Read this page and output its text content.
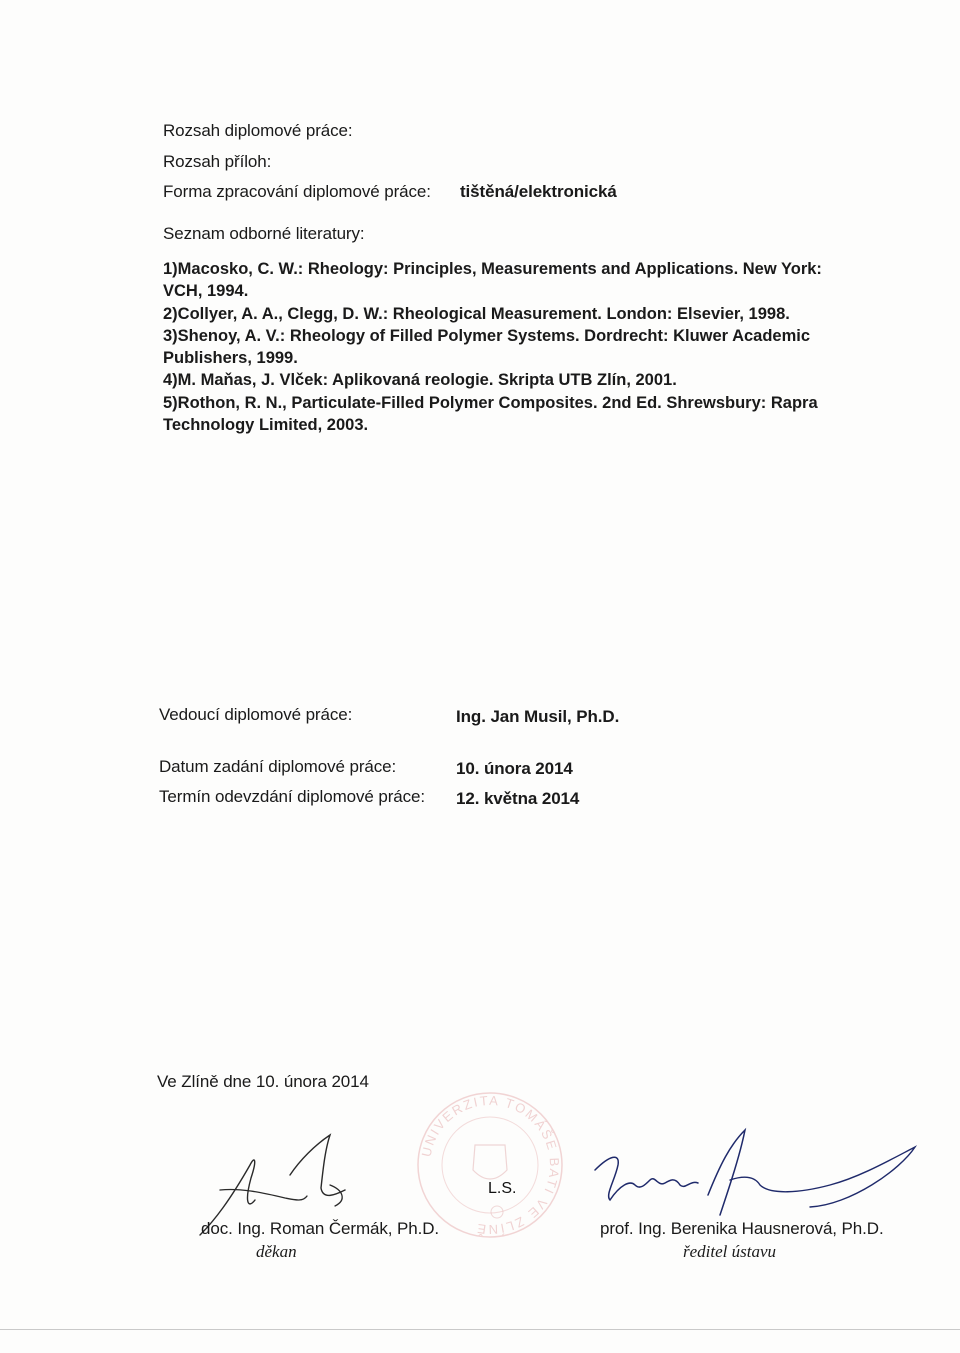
Rozsah diplomové práce:
Rozsah příloh:
Forma zpracování diplomové práce: tištěná/elektronická
Seznam odborné literatury:
1)Macosko, C. W.: Rheology: Principles, Measurements and Applications. New York:
VCH, 1994.
2)Collyer, A. A., Clegg, D. W.: Rheological Measurement. London: Elsevier, 1998.
3)Shenoy, A. V.: Rheology of Filled Polymer Systems. Dordrecht: Kluwer Academic
Publishers, 1999.
4)M. Maňas, J. Vlček: Aplikovaná reologie. Skripta UTB Zlín, 2001.
5)Rothon, R. N., Particulate-Filled Polymer Composites. 2nd Ed. Shrewsbury: Rapra
Technology Limited, 2003.
Vedoucí diplomové práce:	Ing. Jan Musil, Ph.D.
Datum zadání diplomové práce:	10. února 2014
Termín odevzdání diplomové práce: 12. května 2014
Ve Zlíně dne 10. února 2014
UNIVERZITA TOMÁŠE BATI VE ZLÍNĚ
L.S.
doc. Ing. Roman Čermák, Ph.D.
děkan
prof. Ing. Berenika Hausnerová, Ph.D.
ředitel ústavu
